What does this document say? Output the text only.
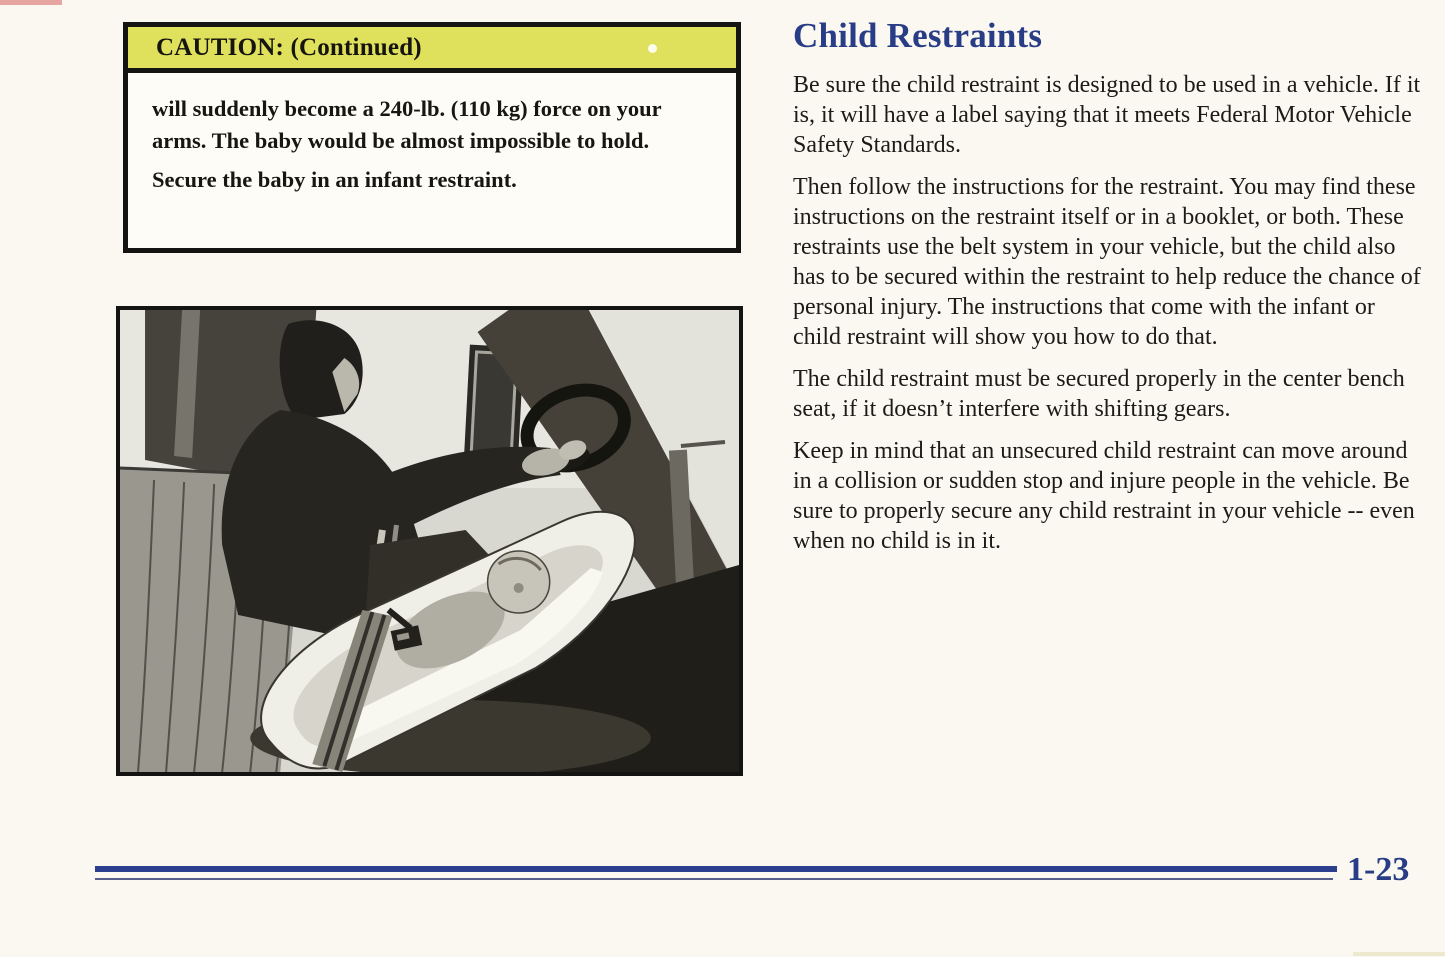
CAUTION: (Continued)

will suddenly become a 240-lb. (110 kg) force on your arms. The baby would be almost impossible to hold.

Secure the baby in an infant restraint.

Child Restraints

Be sure the child restraint is designed to be used in a vehicle. If it is, it will have a label saying that it meets Federal Motor Vehicle Safety Standards.

Then follow the instructions for the restraint. You may find these instructions on the restraint itself or in a booklet, or both. These restraints use the belt system in your vehicle, but the child also has to be secured within the restraint to help reduce the chance of personal injury. The instructions that come with the infant or child restraint will show you how to do that.

The child restraint must be secured properly in the center bench seat, if it doesn’t interfere with shifting gears.

Keep in mind that an unsecured child restraint can move around in a collision or sudden stop and injure people in the vehicle. Be sure to properly secure any child restraint in your vehicle -- even when no child is in it.

1-23
